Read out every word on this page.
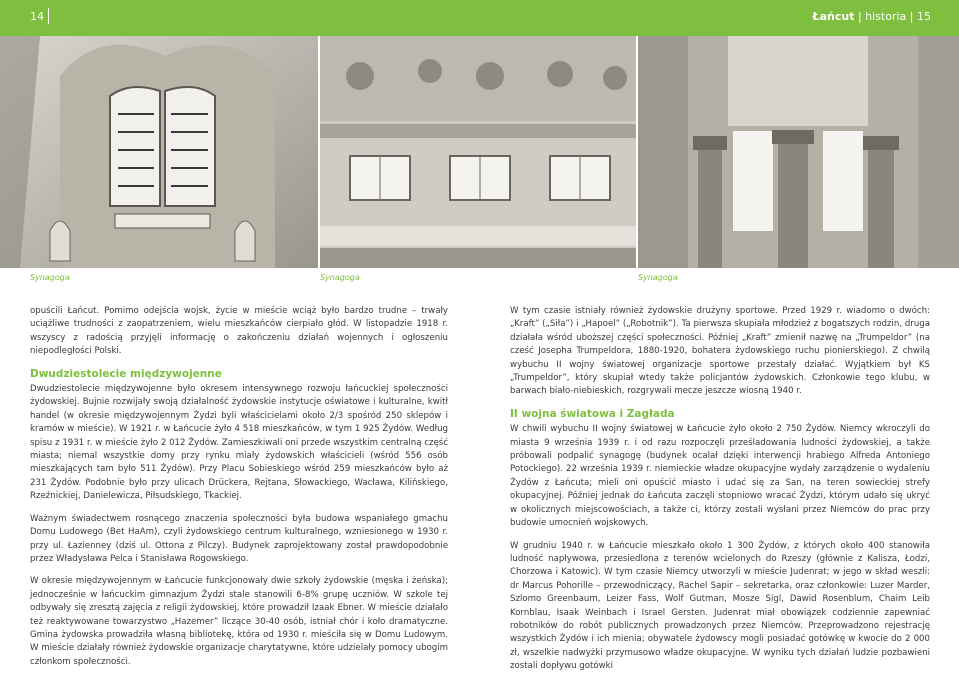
14	Łańcut | historia | 15
Synagoga	Synagoga	Synagoga

opuścili Łańcut. Pomimo odejścia wojsk, życie w mieście wciąż było bardzo trudne – trwały uciążliwe trudności z zaopatrzeniem, wielu mieszkańców cierpiało głód. W listopadzie 1918 r. wszyscy z radością przyjęli informację o zakończeniu działań wojennych i ogłoszeniu niepodległości Polski.

Dwudziestolecie międzywojenne

Dwudziestolecie międzywojenne było okresem intensywnego rozwoju łańcuckiej społeczności żydowskiej. Bujnie rozwijały swoją działalność żydowskie instytucje oświatowe i kulturalne, kwitł handel (w okresie międzywojennym Żydzi byli właścicielami około 2/3 spośród 250 sklepów i kramów w mieście). W 1921 r. w Łańcucie żyło 4 518 mieszkańców, w tym 1 925 Żydów. Według spisu z 1931 r. w mieście żyło 2 012 Żydów. Zamieszkiwali oni przede wszystkim centralną część miasta; niemal wszystkie domy przy rynku miały żydowskich właścicieli (wśród 556 osób mieszkających tam było 511 Żydów). Przy Placu Sobieskiego wśród 259 mieszkańców było aż 231 Żydów. Podobnie było przy ulicach Drückera, Rejtana, Słowackiego, Wacława, Kilińskiego, Rzeźnickiej, Danielewicza, Piłsudskiego, Tkackiej.

Ważnym świadectwem rosnącego znaczenia społeczności była budowa wspaniałego gmachu Domu Ludowego (Bet HaAm), czyli żydowskiego centrum kulturalnego, wzniesionego w 1930 r. przy ul. Łazienney (dziś ul. Ottona z Pilczy). Budynek zaprojektowany został prawdopodobnie przez Władysława Pelca i Stanisława Rogowskiego.

W okresie międzywojennym w Łańcucie funkcjonowały dwie szkoły żydowskie (męska i żeńska); jednocześnie w łańcuckim gimnazjum Żydzi stale stanowili 6-8% grupę uczniów. W szkole tej odbywały się zresztą zajęcia z religii żydowskiej, które prowadził Izaak Ebner. W mieście działało też reaktywowane towarzystwo „Hazemer” liczące 30-40 osób, istniał chór i koło dramatyczne. Gmina żydowska prowadziła własną bibliotekę, która od 1930 r. mieściła się w Domu Ludowym. W mieście działały również żydowskie organizacje charytatywne, które udzielały pomocy ubogim członkom społeczności.

W tym czasie istniały również żydowskie drużyny sportowe. Przed 1929 r. wiadomo o dwóch: „Kraft” („Siła”) i „Hapoel” („Robotnik”). Ta pierwsza skupiała młodzież z bogatszych rodzin, druga działała wśród uboższej części społeczności. Później „Kraft” zmienił nazwę na „Trumpeldor” (na cześć Josepha Trumpeldora, 1880-1920, bohatera żydowskiego ruchu pionierskiego). Z chwilą wybuchu II wojny światowej organizacje sportowe przestały działać. Wyjątkiem był KS „Trumpeldor”, który skupiał wtedy także policjantów żydowskich. Członkowie tego klubu, w barwach biało-niebieskich, rozgrywali mecze jeszcze wiosną 1940 r.

II wojna światowa i Zagłada

W chwili wybuchu II wojny światowej w Łańcucie żyło około 2 750 Żydów. Niemcy wkroczyli do miasta 9 września 1939 r. i od razu rozpoczęli prześladowania ludności żydowskiej, a także próbowali podpalić synagogę (budynek ocalał dzięki interwencji hrabiego Alfreda Antoniego Potockiego). 22 września 1939 r. niemieckie władze okupacyjne wydały zarządzenie o wydaleniu Żydów z Łańcuta; mieli oni opuścić miasto i udać się za San, na teren sowieckiej strefy okupacyjnej. Później jednak do Łańcuta zaczęli stopniowo wracać Żydzi, którym udało się ukryć w okolicznych miejscowościach, a także ci, którzy zostali wysłani przez Niemców do prac przy budowie umocnień wojskowych.

W grudniu 1940 r. w Łańcucie mieszkało około 1 300 Żydów, z których około 400 stanowiła ludność napływowa, przesiedlona z terenów wcielonych do Rzeszy (głównie z Kalisza, Łodzi, Chorzowa i Katowic). W tym czasie Niemcy utworzyli w mieście Judenrat; w jego w skład weszli: dr Marcus Pohorille – przewodniczący, Rachel Sapir – sekretarka, oraz członkowie: Luzer Marder, Szlomo Greenbaum, Leizer Fass, Wolf Gutman, Mosze Sigl, Dawid Rosenblum, Chaim Leib Kornblau, Isaak Weinbach i Israel Gersten. Judenrat miał obowiązek codziennie zapewniać robotników do robót publicznych prowadzonych przez Niemców. Przeprowadzono rejestrację wszystkich Żydów i ich mienia; obywatele żydowscy mogli posiadać gotówkę w kwocie do 2 000 zł, wszelkie nadwyżki przymusowo władze okupacyjne. W wyniku tych działań ludzie pozbawieni zostali dopływu gotówki
